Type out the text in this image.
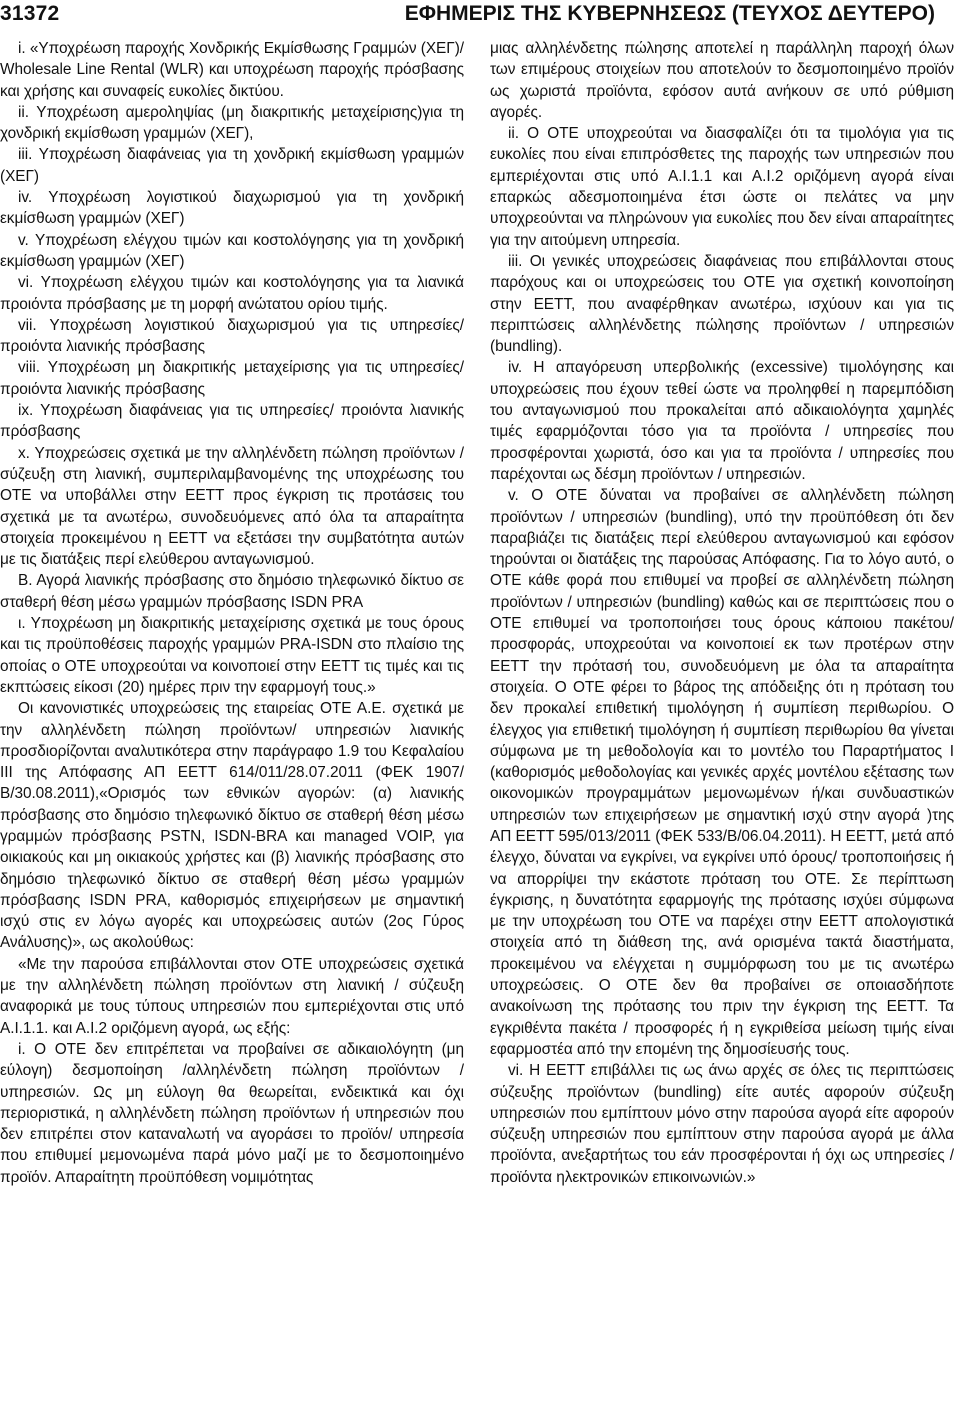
31372	ΕΦΗΜΕΡΙΣ ΤΗΣ ΚΥΒΕΡΝΗΣΕΩΣ (ΤΕΥΧΟΣ ΔΕΥΤΕΡΟ)

i. «Υποχρέωση παροχής Χονδρικής Εκμίσθωσης Γραμμών (ΧΕΓ)/ Wholesale Line Rental (WLR) και υποχρέωση παροχής πρόσβασης και χρήσης και συναφείς ευκολίες δικτύου.

ii. Υποχρέωση αμεροληψίας (μη διακριτικής μεταχείρισης)για τη χονδρική εκμίσθωση γραμμών (ΧΕΓ),

iii. Υποχρέωση διαφάνειας για τη χονδρική εκμίσθωση γραμμών (ΧΕΓ)

iv. Υποχρέωση λογιστικού διαχωρισμού για τη χονδρική εκμίσθωση γραμμών (ΧΕΓ)

v. Υποχρέωση ελέγχου τιμών και κοστολόγησης για τη χονδρική εκμίσθωση γραμμών (ΧΕΓ)

vi. Υποχρέωση ελέγχου τιμών και κοστολόγησης για τα λιανικά προιόντα πρόσβασης με τη μορφή ανώτατου ορίου τιμής.

vii. Υποχρέωση λογιστικού διαχωρισμού για τις υπηρεσίες/ προιόντα λιανικής πρόσβασης

viii. Υποχρέωση μη διακριτικής μεταχείρισης για τις υπηρεσίες/ προιόντα λιανικής πρόσβασης

ix. Υποχρέωση διαφάνειας για τις υπηρεσίες/ προιόντα λιανικής πρόσβασης

x. Υποχρεώσεις σχετικά με την αλληλένδετη πώληση προϊόντων / σύζευξη στη λιανική, συμπεριλαμβανομένης της υποχρέωσης του ΟΤΕ να υποβάλλει στην ΕΕΤΤ προς έγκριση τις προτάσεις του σχετικά με τα ανωτέρω, συνοδευόμενες από όλα τα απαραίτητα στοιχεία προκειμένου η ΕΕΤΤ να εξετάσει την συμβατότητα αυτών με τις διατάξεις περί ελεύθερου ανταγωνισμού.

Β. Αγορά λιανικής πρόσβασης στο δημόσιο τηλεφωνικό δίκτυο σε σταθερή θέση μέσω γραμμών πρόσβασης ISDN PRA

ι. Υποχρέωση μη διακριτικής μεταχείρισης σχετικά με τους όρους και τις προϋποθέσεις παροχής γραμμών PRA-ISDN στο πλαίσιο της οποίας ο ΟΤΕ υποχρεούται να κοινοποιεί στην ΕΕΤΤ τις τιμές και τις εκπτώσεις είκοσι (20) ημέρες πριν την εφαρμογή τους.»

Οι κανονιστικές υποχρεώσεις της εταιρείας ΟΤΕ Α.Ε. σχετικά με την αλληλένδετη πώληση προϊόντων/ υπηρεσιών λιανικής προσδιορίζονται αναλυτικότερα στην παράγραφο 1.9 του Κεφαλαίου III της Απόφασης ΑΠ ΕΕΤΤ 614/011/28.07.2011 (ΦΕΚ 1907/Β/30.08.2011),«Ορισμός των εθνικών αγορών: (α) λιανικής πρόσβασης στο δημόσιο τηλεφωνικό δίκτυο σε σταθερή θέση μέσω γραμμών πρόσβασης PSTN, ISDN-BRA και managed VOIP, για οικιακούς και μη οικιακούς χρήστες και (β) λιανικής πρόσβασης στο δημόσιο τηλεφωνικό δίκτυο σε σταθερή θέση μέσω γραμμών πρόσβασης ISDN PRA, καθορισμός επιχειρήσεων με σημαντική ισχύ στις εν λόγω αγορές και υποχρεώσεις αυτών (2ος Γύρος Ανάλυσης)», ως ακολούθως:

«Με την παρούσα επιβάλλονται στον ΟΤΕ υποχρεώσεις σχετικά με την αλληλένδετη πώληση προϊόντων στη λιανική / σύζευξη αναφορικά με τους τύπους υπηρεσιών που εμπεριέχονται στις υπό Α.Ι.1.1. και Α.Ι.2 οριζόμενη αγορά, ως εξής:

i. Ο ΟΤΕ δεν επιτρέπεται να προβαίνει σε αδικαιολόγητη (μη εύλογη) δεσμοποίηση /αλληλένδετη πώληση προϊόντων / υπηρεσιών. Ως μη εύλογη θα θεωρείται, ενδεικτικά και όχι περιοριστικά, η αλληλένδετη πώληση προϊόντων ή υπηρεσιών που δεν επιτρέπει στον καταναλωτή να αγοράσει το προϊόν/ υπηρεσία που επιθυμεί μεμονωμένα παρά μόνο μαζί με το δεσμοποιημένο προϊόν. Απαραίτητη προϋπόθεση νομιμότητας

μιας αλληλένδετης πώλησης αποτελεί η παράλληλη παροχή όλων των επιμέρους στοιχείων που αποτελούν το δεσμοποιημένο προϊόν ως χωριστά προϊόντα, εφόσον αυτά ανήκουν σε υπό ρύθμιση αγορές.

ii. Ο ΟΤΕ υποχρεούται να διασφαλίζει ότι τα τιμολόγια για τις ευκολίες που είναι επιπρόσθετες της παροχής των υπηρεσιών που εμπεριέχονται στις υπό Α.Ι.1.1 και Α.Ι.2 οριζόμενη αγορά είναι επαρκώς αδεσμοποιημένα έτσι ώστε οι πελάτες να μην υποχρεούνται να πληρώνουν για ευκολίες που δεν είναι απαραίτητες για την αιτούμενη υπηρεσία.

iii. Οι γενικές υποχρεώσεις διαφάνειας που επιβάλλονται στους παρόχους και οι υποχρεώσεις του ΟΤΕ για σχετική κοινοποίηση στην ΕΕΤΤ, που αναφέρθηκαν ανωτέρω, ισχύουν και για τις περιπτώσεις αλληλένδετης πώλησης προϊόντων / υπηρεσιών (bundling).

iv. Η απαγόρευση υπερβολικής (excessive) τιμολόγησης και υποχρεώσεις που έχουν τεθεί ώστε να προληφθεί η παρεμπόδιση του ανταγωνισμού που προκαλείται από αδικαιολόγητα χαμηλές τιμές εφαρμόζονται τόσο για τα προϊόντα / υπηρεσίες που προσφέρονται χωριστά, όσο και για τα προϊόντα / υπηρεσίες που παρέχονται ως δέσμη προϊόντων / υπηρεσιών.

v. Ο ΟΤΕ δύναται να προβαίνει σε αλληλένδετη πώληση προϊόντων / υπηρεσιών (bundling), υπό την προϋπόθεση ότι δεν παραβιάζει τις διατάξεις περί ελεύθερου ανταγωνισμού και εφόσον τηρούνται οι διατάξεις της παρούσας Απόφασης. Για το λόγο αυτό, ο ΟΤΕ κάθε φορά που επιθυμεί να προβεί σε αλληλένδετη πώληση προϊόντων / υπηρεσιών (bundling) καθώς και σε περιπτώσεις που ο ΟΤΕ επιθυμεί να τροποποιήσει τους όρους κάποιου πακέτου/προσφοράς, υποχρεούται να κοινοποιεί εκ των προτέρων στην ΕΕΤΤ την πρότασή του, συνοδευόμενη με όλα τα απαραίτητα στοιχεία. Ο ΟΤΕ φέρει το βάρος της απόδειξης ότι η πρόταση του δεν προκαλεί επιθετική τιμολόγηση ή συμπίεση περιθωρίου. Ο έλεγχος για επιθετική τιμολόγηση ή συμπίεση περιθωρίου θα γίνεται σύμφωνα με τη μεθοδολογία και το μοντέλο του Παραρτήματος Ι (καθορισμός μεθοδολογίας και γενικές αρχές μοντέλου εξέτασης των οικονομικών προγραμμάτων μεμονωμένων ή/και συνδυαστικών υπηρεσιών των επιχειρήσεων με σημαντική ισχύ στην αγορά )της ΑΠ ΕΕΤΤ 595/013/2011 (ΦΕΚ 533/Β/06.04.2011). Η ΕΕΤΤ, μετά από έλεγχο, δύναται να εγκρίνει, να εγκρίνει υπό όρους/ τροποποιήσεις ή να απορρίψει την εκάστοτε πρόταση του ΟΤΕ. Σε περίπτωση έγκρισης, η δυνατότητα εφαρμογής της πρότασης ισχύει σύμφωνα με την υποχρέωση του ΟΤΕ να παρέχει στην ΕΕΤΤ απολογιστικά στοιχεία από τη διάθεση της, ανά ορισμένα τακτά διαστήματα, προκειμένου να ελέγχεται η συμμόρφωση του με τις ανωτέρω υποχρεώσεις. Ο ΟΤΕ δεν θα προβαίνει σε οποιασδήποτε ανακοίνωση της πρότασης του πριν την έγκριση της ΕΕΤΤ. Τα εγκριθέντα πακέτα / προσφορές ή η εγκριθείσα μείωση τιμής είναι εφαρμοστέα από την επομένη της δημοσίευσής τους.

vi. Η ΕΕΤΤ επιβάλλει τις ως άνω αρχές σε όλες τις περιπτώσεις σύζευξης προϊόντων (bundling) είτε αυτές αφορούν σύζευξη υπηρεσιών που εμπίπτουν μόνο στην παρούσα αγορά είτε αφορούν σύζευξη υπηρεσιών που εμπίπτουν στην παρούσα αγορά με άλλα προϊόντα, ανεξαρτήτως του εάν προσφέρονται ή όχι ως υπηρεσίες / προϊόντα ηλεκτρονικών επικοινωνιών.»
